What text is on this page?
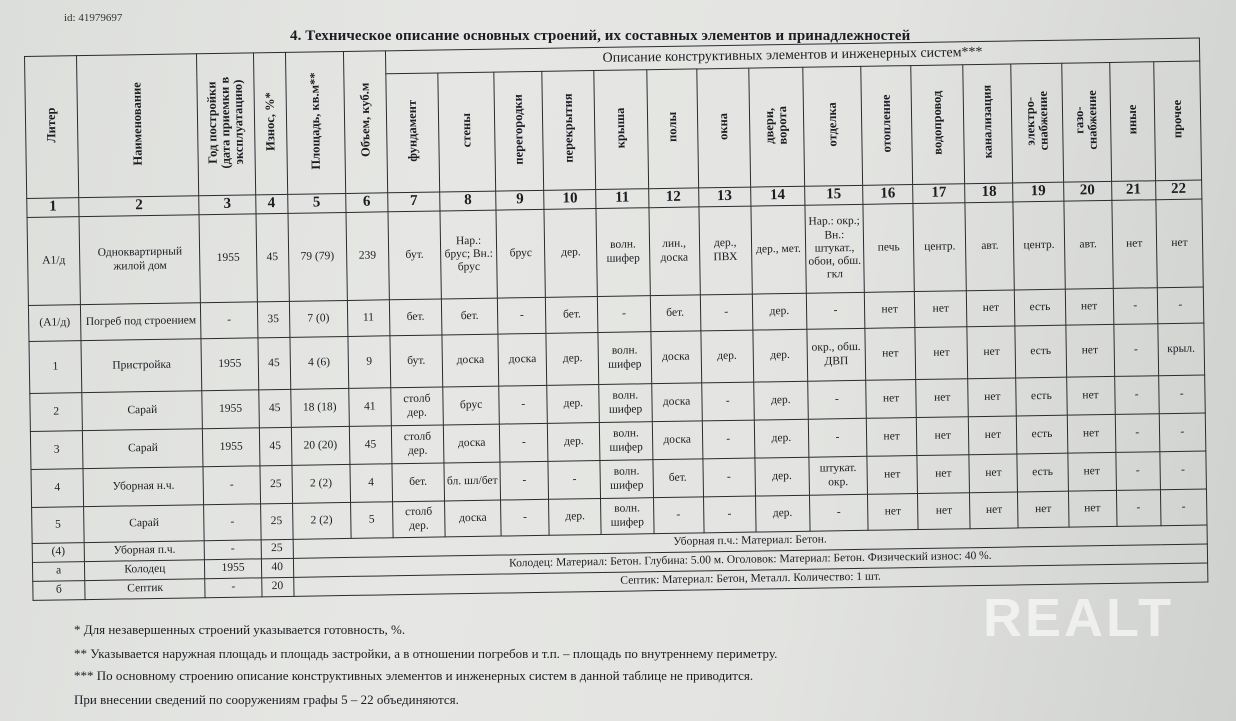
id: 41979697
4. Техническое описание основных строений, их составных элементов и принадлежностей
Литер	Наименование	Год постройки
(дата приемки в
эксплуатацию)	Износ, %*	Площадь, кв.м**	Объем, куб.м	Описание конструктивных элементов и инженерных систем***															
						фундамент	стены	перегородки	перекрытия	крыша	полы	окна	двери,
ворота	отделка	отопление	водопровод	канализация	электро-
снабжение	газо-
снабжение	иные	прочее
1	2	3	4	5	6	7	8	9	10	11	12	13	14	15	16	17	18	19	20	21	22
А1/д	Одноквартирный жилой дом	1955	45	79 (79)	239	бут.	Нар.: брус; Вн.: брус	брус	дер.	волн. шифер	лин., доска	дер., ПВХ	дер., мет.	Нар.: окр.; Вн.: штукат., обои, обш. гкл	печь	центр.	авт.	центр.	авт.	нет	нет
(А1/д)	Погреб под строением	-	35	7 (0)	11	бет.	бет.	-	бет.	-	бет.	-	дер.	-	нет	нет	нет	есть	нет	-	-
1	Пристройка	1955	45	4 (6)	9	бут.	доска	доска	дер.	волн. шифер	доска	дер.	дер.	окр., обш. ДВП	нет	нет	нет	есть	нет	-	крыл.
2	Сарай	1955	45	18 (18)	41	столб дер.	брус	-	дер.	волн. шифер	доска	-	дер.	-	нет	нет	нет	есть	нет	-	-
3	Сарай	1955	45	20 (20)	45	столб дер.	доска	-	дер.	волн. шифер	доска	-	дер.	-	нет	нет	нет	есть	нет	-	-
4	Уборная н.ч.	-	25	2 (2)	4	бет.	бл. шл/бет	-	-	волн. шифер	бет.	-	дер.	штукат. окр.	нет	нет	нет	есть	нет	-	-
5	Сарай	-	25	2 (2)	5	столб дер.	доска	-	дер.	волн. шифер	-	-	дер.	-	нет	нет	нет	нет	нет	-	-
(4)	Уборная п.ч.	-	25	Уборная п.ч.: Материал: Бетон.																	
а	Колодец	1955	40	Колодец: Материал: Бетон. Глубина: 5.00 м. Оголовок: Материал: Бетон. Физический износ: 40 %.																	
б	Септик	-	20	Септик: Материал: Бетон, Металл. Количество: 1 шт.																	
* Для незавершенных строений указывается готовность, %.
** Указывается наружная площадь и площадь застройки, а в отношении погребов и т.п. – площадь по внутреннему периметру.
*** По основному строению описание конструктивных элементов и инженерных систем в данной таблице не приводится.
При внесении сведений по сооружениям графы 5 – 22 объединяются.
REALT
